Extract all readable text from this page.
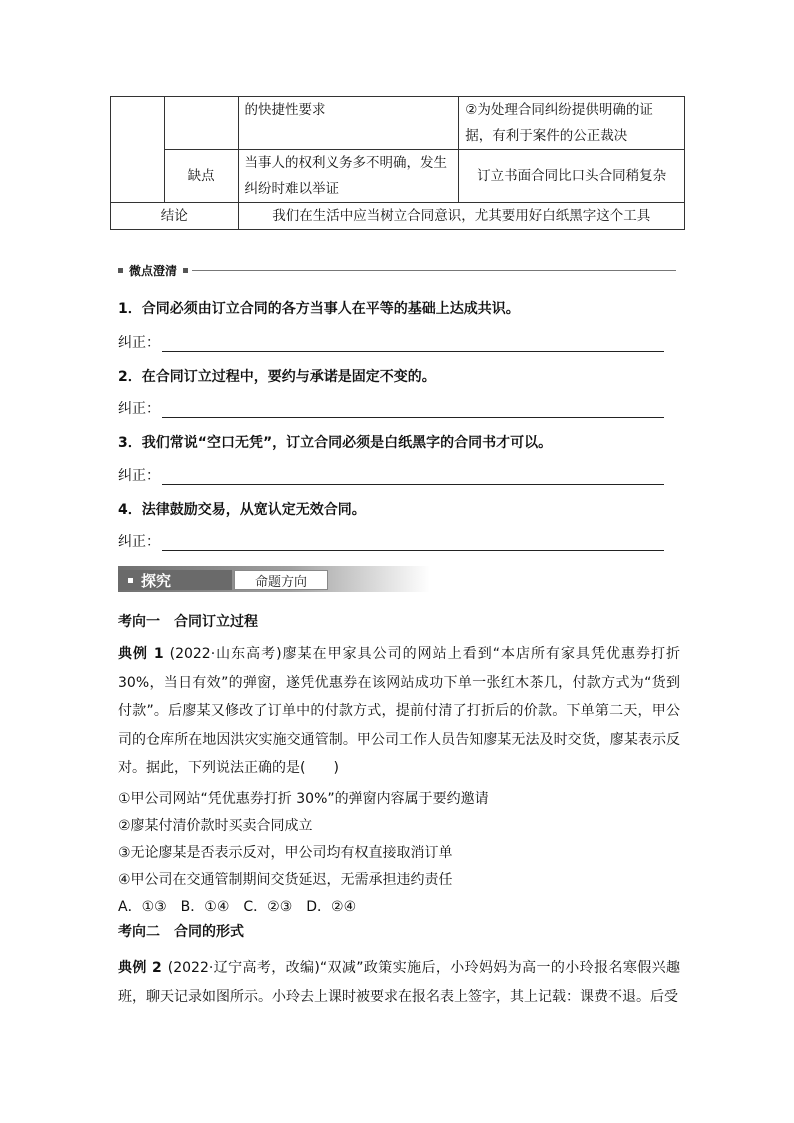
		的快捷性要求	②为处理合同纠纷提供明确的证据，有利于案件的公正裁决
	缺点	当事人的权利义务多不明确，发生纠纷时难以举证	订立书面合同比口头合同稍复杂
结论		我们在生活中应当树立合同意识，尤其要用好白纸黑字这个工具	
微点澄清
1．合同必须由订立合同的各方当事人在平等的基础上达成共识。
纠正：
2．在合同订立过程中，要约与承诺是固定不变的。
纠正：
3．我们常说“空口无凭”，订立合同必须是白纸黑字的合同书才可以。
纠正：
4．法律鼓励交易，从宽认定无效合同。
纠正：
探究	命题方向
考向一　合同订立过程
典例 1 (2022·山东高考)廖某在甲家具公司的网站上看到“本店所有家具凭优惠券打折 30%，当日有效”的弹窗，遂凭优惠券在该网站成功下单一张红木茶几，付款方式为“货到付款”。后廖某又修改了订单中的付款方式，提前付清了打折后的价款。下单第二天，甲公司的仓库所在地因洪灾实施交通管制。甲公司工作人员告知廖某无法及时交货，廖某表示反对。据此，下列说法正确的是(　　)
①甲公司网站“凭优惠券打折 30%”的弹窗内容属于要约邀请
②廖某付清价款时买卖合同成立
③无论廖某是否表示反对，甲公司均有权直接取消订单
④甲公司在交通管制期间交货延迟，无需承担违约责任
A．①③　B．①④　C．②③　D．②④
考向二　合同的形式
典例 2 (2022·辽宁高考，改编)“双减”政策实施后，小玲妈妈为高一的小玲报名寒假兴趣班，聊天记录如图所示。小玲去上课时被要求在报名表上签字，其上记载：课费不退。后受
